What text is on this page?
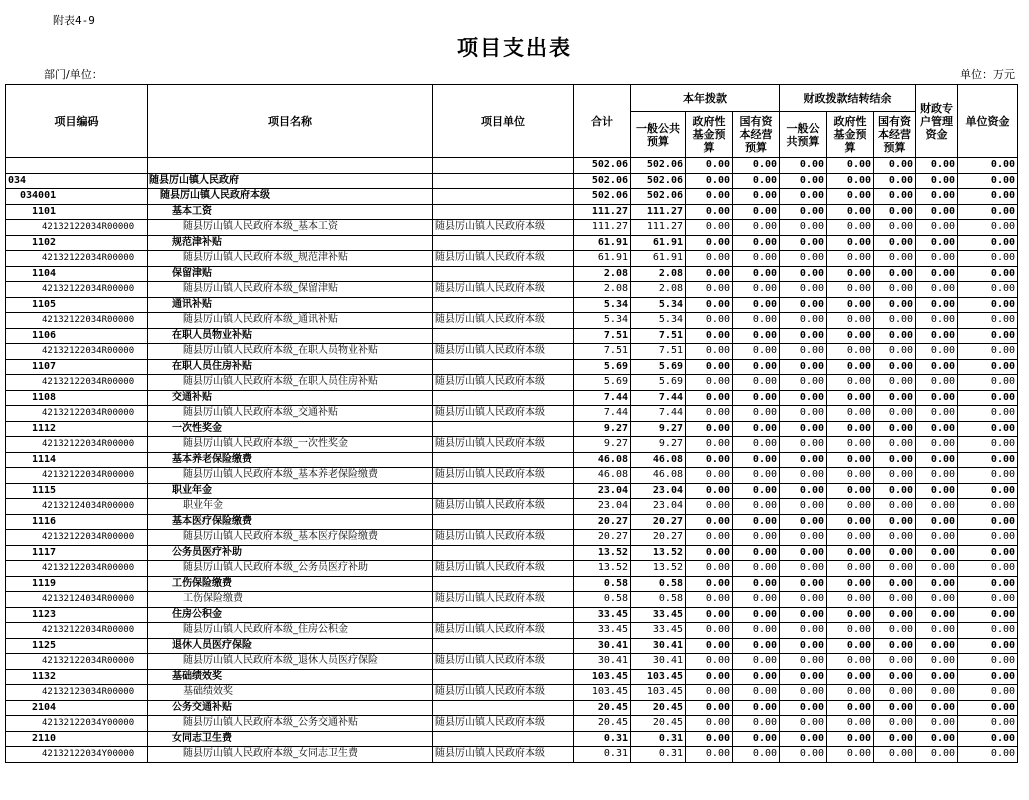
附表4-9
项目支出表
部门/单位：	单位：万元
项目编码	项目名称	项目单位	合计	本年拨款			财政拨款结转结余			财政专户管理资金	单位资金
				一般公共预算	政府性基金预算	国有资本经营预算	一般公共预算	政府性基金预算	国有资本经营预算		
			502.06	502.06	0.00	0.00	0.00	0.00	0.00	0.00	0.00
034	随县厉山镇人民政府		502.06	502.06	0.00	0.00	0.00	0.00	0.00	0.00	0.00
034001	随县厉山镇人民政府本级		502.06	502.06	0.00	0.00	0.00	0.00	0.00	0.00	0.00
1101	基本工资		111.27	111.27	0.00	0.00	0.00	0.00	0.00	0.00	0.00
42132122034R00000	随县厉山镇人民政府本级_基本工资	随县厉山镇人民政府本级	111.27	111.27	0.00	0.00	0.00	0.00	0.00	0.00	0.00
1102	规范津补贴		61.91	61.91	0.00	0.00	0.00	0.00	0.00	0.00	0.00
42132122034R00000	随县厉山镇人民政府本级_规范津补贴	随县厉山镇人民政府本级	61.91	61.91	0.00	0.00	0.00	0.00	0.00	0.00	0.00
1104	保留津贴		2.08	2.08	0.00	0.00	0.00	0.00	0.00	0.00	0.00
42132122034R00000	随县厉山镇人民政府本级_保留津贴	随县厉山镇人民政府本级	2.08	2.08	0.00	0.00	0.00	0.00	0.00	0.00	0.00
1105	通讯补贴		5.34	5.34	0.00	0.00	0.00	0.00	0.00	0.00	0.00
42132122034R00000	随县厉山镇人民政府本级_通讯补贴	随县厉山镇人民政府本级	5.34	5.34	0.00	0.00	0.00	0.00	0.00	0.00	0.00
1106	在职人员物业补贴		7.51	7.51	0.00	0.00	0.00	0.00	0.00	0.00	0.00
42132122034R00000	随县厉山镇人民政府本级_在职人员物业补贴	随县厉山镇人民政府本级	7.51	7.51	0.00	0.00	0.00	0.00	0.00	0.00	0.00
1107	在职人员住房补贴		5.69	5.69	0.00	0.00	0.00	0.00	0.00	0.00	0.00
42132122034R00000	随县厉山镇人民政府本级_在职人员住房补贴	随县厉山镇人民政府本级	5.69	5.69	0.00	0.00	0.00	0.00	0.00	0.00	0.00
1108	交通补贴		7.44	7.44	0.00	0.00	0.00	0.00	0.00	0.00	0.00
42132122034R00000	随县厉山镇人民政府本级_交通补贴	随县厉山镇人民政府本级	7.44	7.44	0.00	0.00	0.00	0.00	0.00	0.00	0.00
1112	一次性奖金		9.27	9.27	0.00	0.00	0.00	0.00	0.00	0.00	0.00
42132122034R00000	随县厉山镇人民政府本级_一次性奖金	随县厉山镇人民政府本级	9.27	9.27	0.00	0.00	0.00	0.00	0.00	0.00	0.00
1114	基本养老保险缴费		46.08	46.08	0.00	0.00	0.00	0.00	0.00	0.00	0.00
42132122034R00000	随县厉山镇人民政府本级_基本养老保险缴费	随县厉山镇人民政府本级	46.08	46.08	0.00	0.00	0.00	0.00	0.00	0.00	0.00
1115	职业年金		23.04	23.04	0.00	0.00	0.00	0.00	0.00	0.00	0.00
42132124034R00000	职业年金	随县厉山镇人民政府本级	23.04	23.04	0.00	0.00	0.00	0.00	0.00	0.00	0.00
1116	基本医疗保险缴费		20.27	20.27	0.00	0.00	0.00	0.00	0.00	0.00	0.00
42132122034R00000	随县厉山镇人民政府本级_基本医疗保险缴费	随县厉山镇人民政府本级	20.27	20.27	0.00	0.00	0.00	0.00	0.00	0.00	0.00
1117	公务员医疗补助		13.52	13.52	0.00	0.00	0.00	0.00	0.00	0.00	0.00
42132122034R00000	随县厉山镇人民政府本级_公务员医疗补助	随县厉山镇人民政府本级	13.52	13.52	0.00	0.00	0.00	0.00	0.00	0.00	0.00
1119	工伤保险缴费		0.58	0.58	0.00	0.00	0.00	0.00	0.00	0.00	0.00
42132124034R00000	工伤保险缴费	随县厉山镇人民政府本级	0.58	0.58	0.00	0.00	0.00	0.00	0.00	0.00	0.00
1123	住房公积金		33.45	33.45	0.00	0.00	0.00	0.00	0.00	0.00	0.00
42132122034R00000	随县厉山镇人民政府本级_住房公积金	随县厉山镇人民政府本级	33.45	33.45	0.00	0.00	0.00	0.00	0.00	0.00	0.00
1125	退休人员医疗保险		30.41	30.41	0.00	0.00	0.00	0.00	0.00	0.00	0.00
42132122034R00000	随县厉山镇人民政府本级_退休人员医疗保险	随县厉山镇人民政府本级	30.41	30.41	0.00	0.00	0.00	0.00	0.00	0.00	0.00
1132	基础绩效奖		103.45	103.45	0.00	0.00	0.00	0.00	0.00	0.00	0.00
42132123034R00000	基础绩效奖	随县厉山镇人民政府本级	103.45	103.45	0.00	0.00	0.00	0.00	0.00	0.00	0.00
2104	公务交通补贴		20.45	20.45	0.00	0.00	0.00	0.00	0.00	0.00	0.00
42132122034Y00000	随县厉山镇人民政府本级_公务交通补贴	随县厉山镇人民政府本级	20.45	20.45	0.00	0.00	0.00	0.00	0.00	0.00	0.00
2110	女同志卫生费		0.31	0.31	0.00	0.00	0.00	0.00	0.00	0.00	0.00
42132122034Y00000	随县厉山镇人民政府本级_女同志卫生费	随县厉山镇人民政府本级	0.31	0.31	0.00	0.00	0.00	0.00	0.00	0.00	0.00
